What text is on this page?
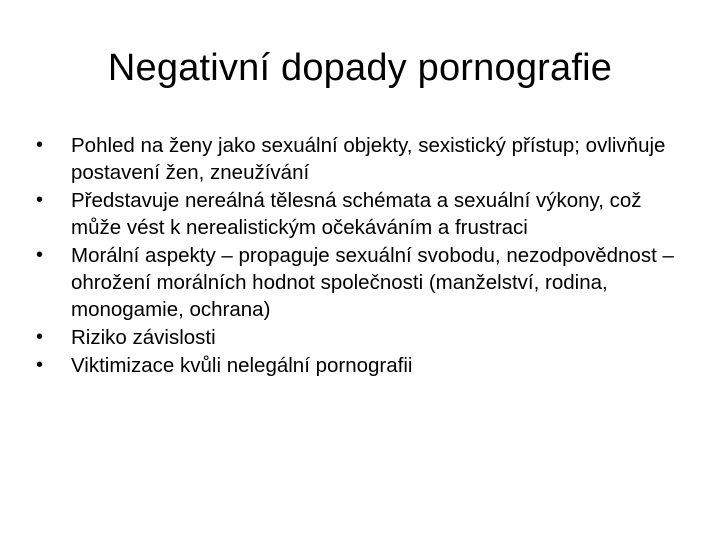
Negativní dopady pornografie
•	Pohled na ženy jako sexuální objekty, sexistický přístup; ovlivňuje postavení žen, zneužívání
•	Představuje nereálná tělesná schémata a sexuální výkony, což může vést k nerealistickým očekáváním a frustraci
•	Morální aspekty – propaguje sexuální svobodu, nezodpovědnost – ohrožení morálních hodnot společnosti (manželství, rodina, monogamie, ochrana)
•	Riziko závislosti
•	Viktimizace kvůli nelegální pornografii
